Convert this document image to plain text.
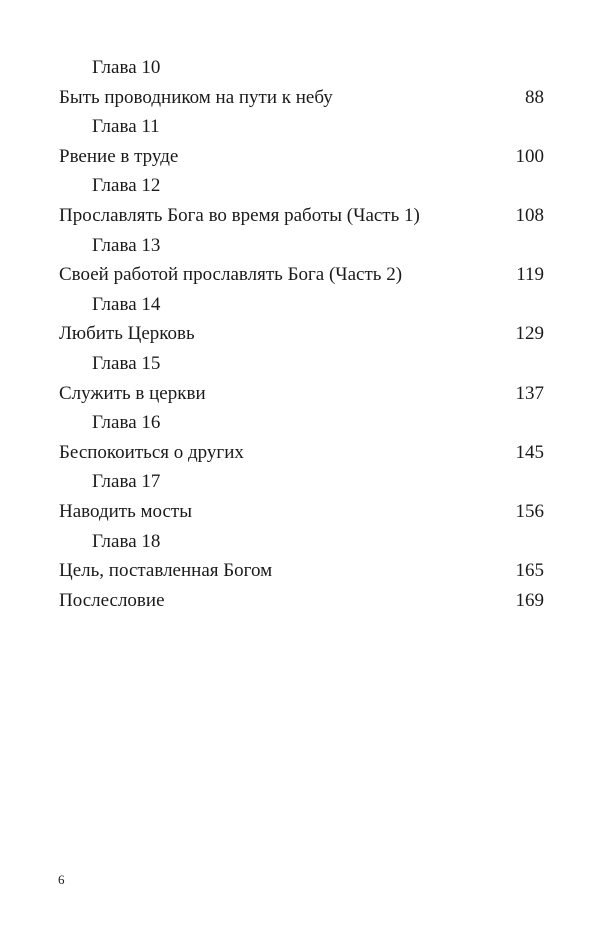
Глава 10
Быть проводником на пути к небу	88
Глава 11
Рвение в труде	100
Глава 12
Прославлять Бога во время работы (Часть 1)	108
Глава 13
Своей работой прославлять Бога (Часть 2)	119
Глава 14
Любить Церковь	129
Глава 15
Служить в церкви	137
Глава 16
Беспокоиться о других	145
Глава 17
Наводить мосты	156
Глава 18
Цель, поставленная Богом	165
Послесловие	169
6
